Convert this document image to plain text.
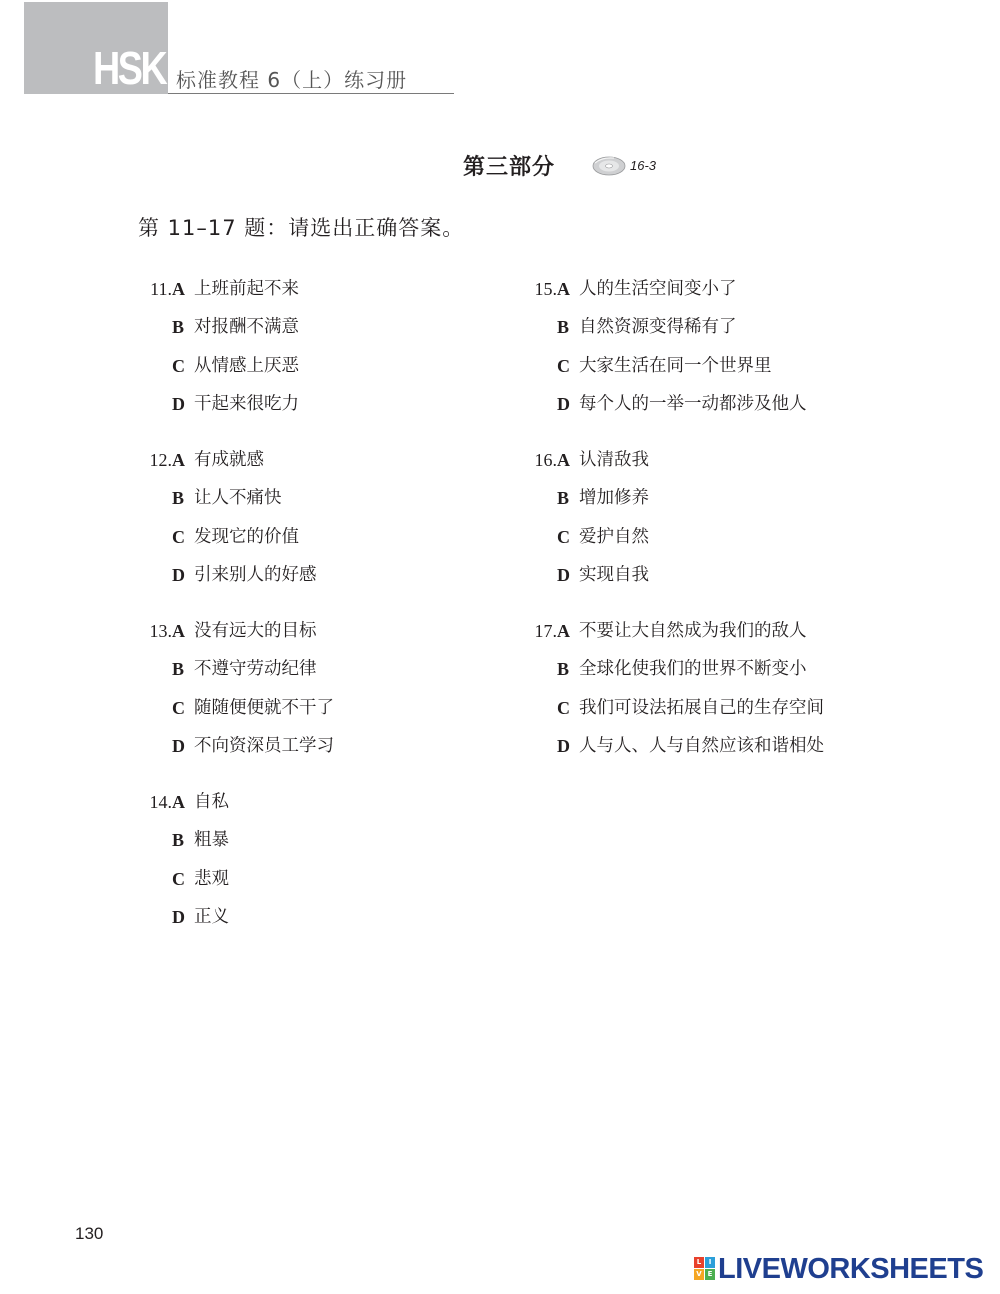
HSK 标准教程 6（上）练习册
第三部分	16-3
第 11–17 题：请选出正确答案。
11. A 上班前起不来
B 对报酬不满意
C 从情感上厌恶
D 干起来很吃力
12. A 有成就感
B 让人不痛快
C 发现它的价值
D 引来别人的好感
13. A 没有远大的目标
B 不遵守劳动纪律
C 随随便便就不干了
D 不向资深员工学习
14. A 自私
B 粗暴
C 悲观
D 正义
15. A 人的生活空间变小了
B 自然资源变得稀有了
C 大家生活在同一个世界里
D 每个人的一举一动都涉及他人
16. A 认清敌我
B 增加修养
C 爱护自然
D 实现自我
17. A 不要让大自然成为我们的敌人
B 全球化使我们的世界不断变小
C 我们可设法拓展自己的生存空间
D 人与人、人与自然应该和谐相处
130
L	I
V E LIVEWORKSHEETS
